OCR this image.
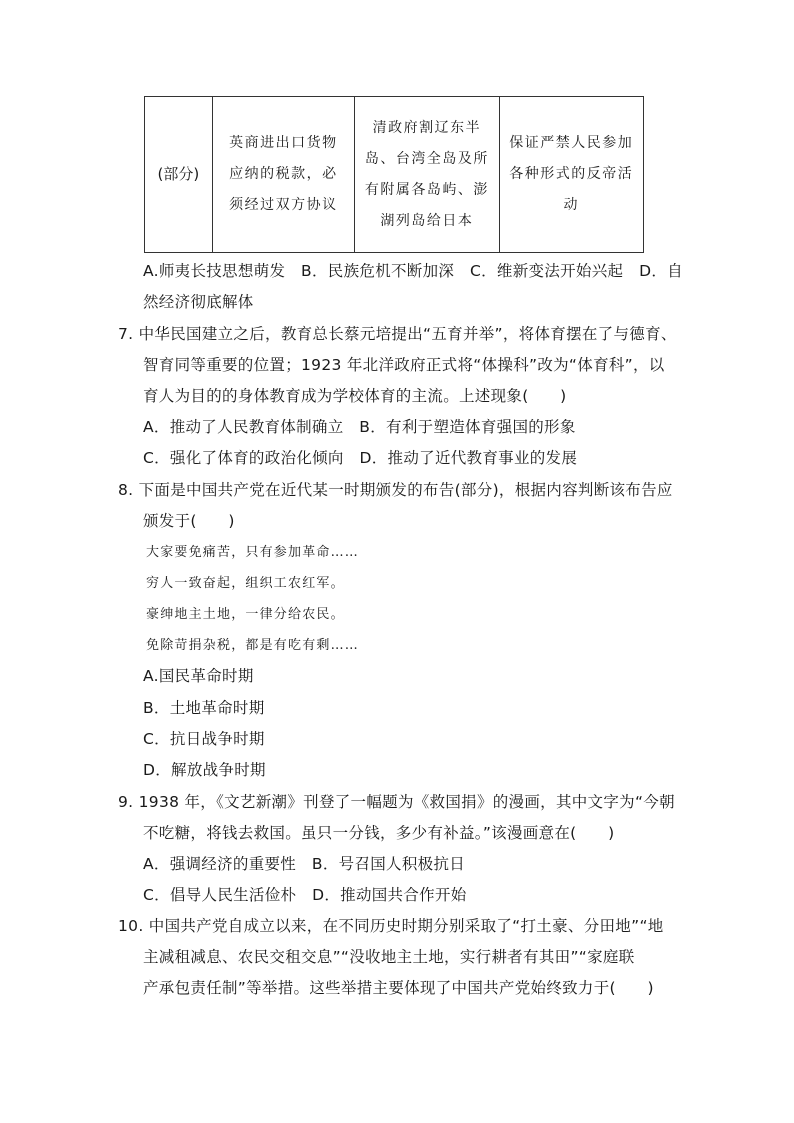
(部分)
英商进出口货物应纳的税款，必须经过双方协议
清政府割辽东半岛、台湾全岛及所有附属各岛屿、澎湖列岛给日本
保证严禁人民参加各种形式的反帝活动
A.师夷长技思想萌发　B．民族危机不断加深　C．维新变法开始兴起　D．自
然经济彻底解体
7. 中华民国建立之后，教育总长蔡元培提出“五育并举”，将体育摆在了与德育、
智育同等重要的位置；1923 年北洋政府正式将“体操科”改为“体育科”，以
育人为目的的身体教育成为学校体育的主流。上述现象(　　)
A．推动了人民教育体制确立　B．有利于塑造体育强国的形象
C．强化了体育的政治化倾向　D．推动了近代教育事业的发展
8. 下面是中国共产党在近代某一时期颁发的布告(部分)，根据内容判断该布告应
颁发于(　　)
大家要免痛苦，只有参加革命……
穷人一致奋起，组织工农红军。
豪绅地主土地，一律分给农民。
免除苛捐杂税，都是有吃有剩……
A.国民革命时期
B．土地革命时期
C．抗日战争时期
D．解放战争时期
9. 1938 年，《文艺新潮》刊登了一幅题为《救国捐》的漫画，其中文字为“今朝
不吃糖，将钱去救国。虽只一分钱，多少有补益。”该漫画意在(　　)
A．强调经济的重要性　B．号召国人积极抗日
C．倡导人民生活俭朴　D．推动国共合作开始
10. 中国共产党自成立以来，在不同历史时期分别采取了“打土豪、分田地”“地
主减租减息、农民交租交息”“没收地主土地，实行耕者有其田”“家庭联
产承包责任制”等举措。这些举措主要体现了中国共产党始终致力于(　　)
